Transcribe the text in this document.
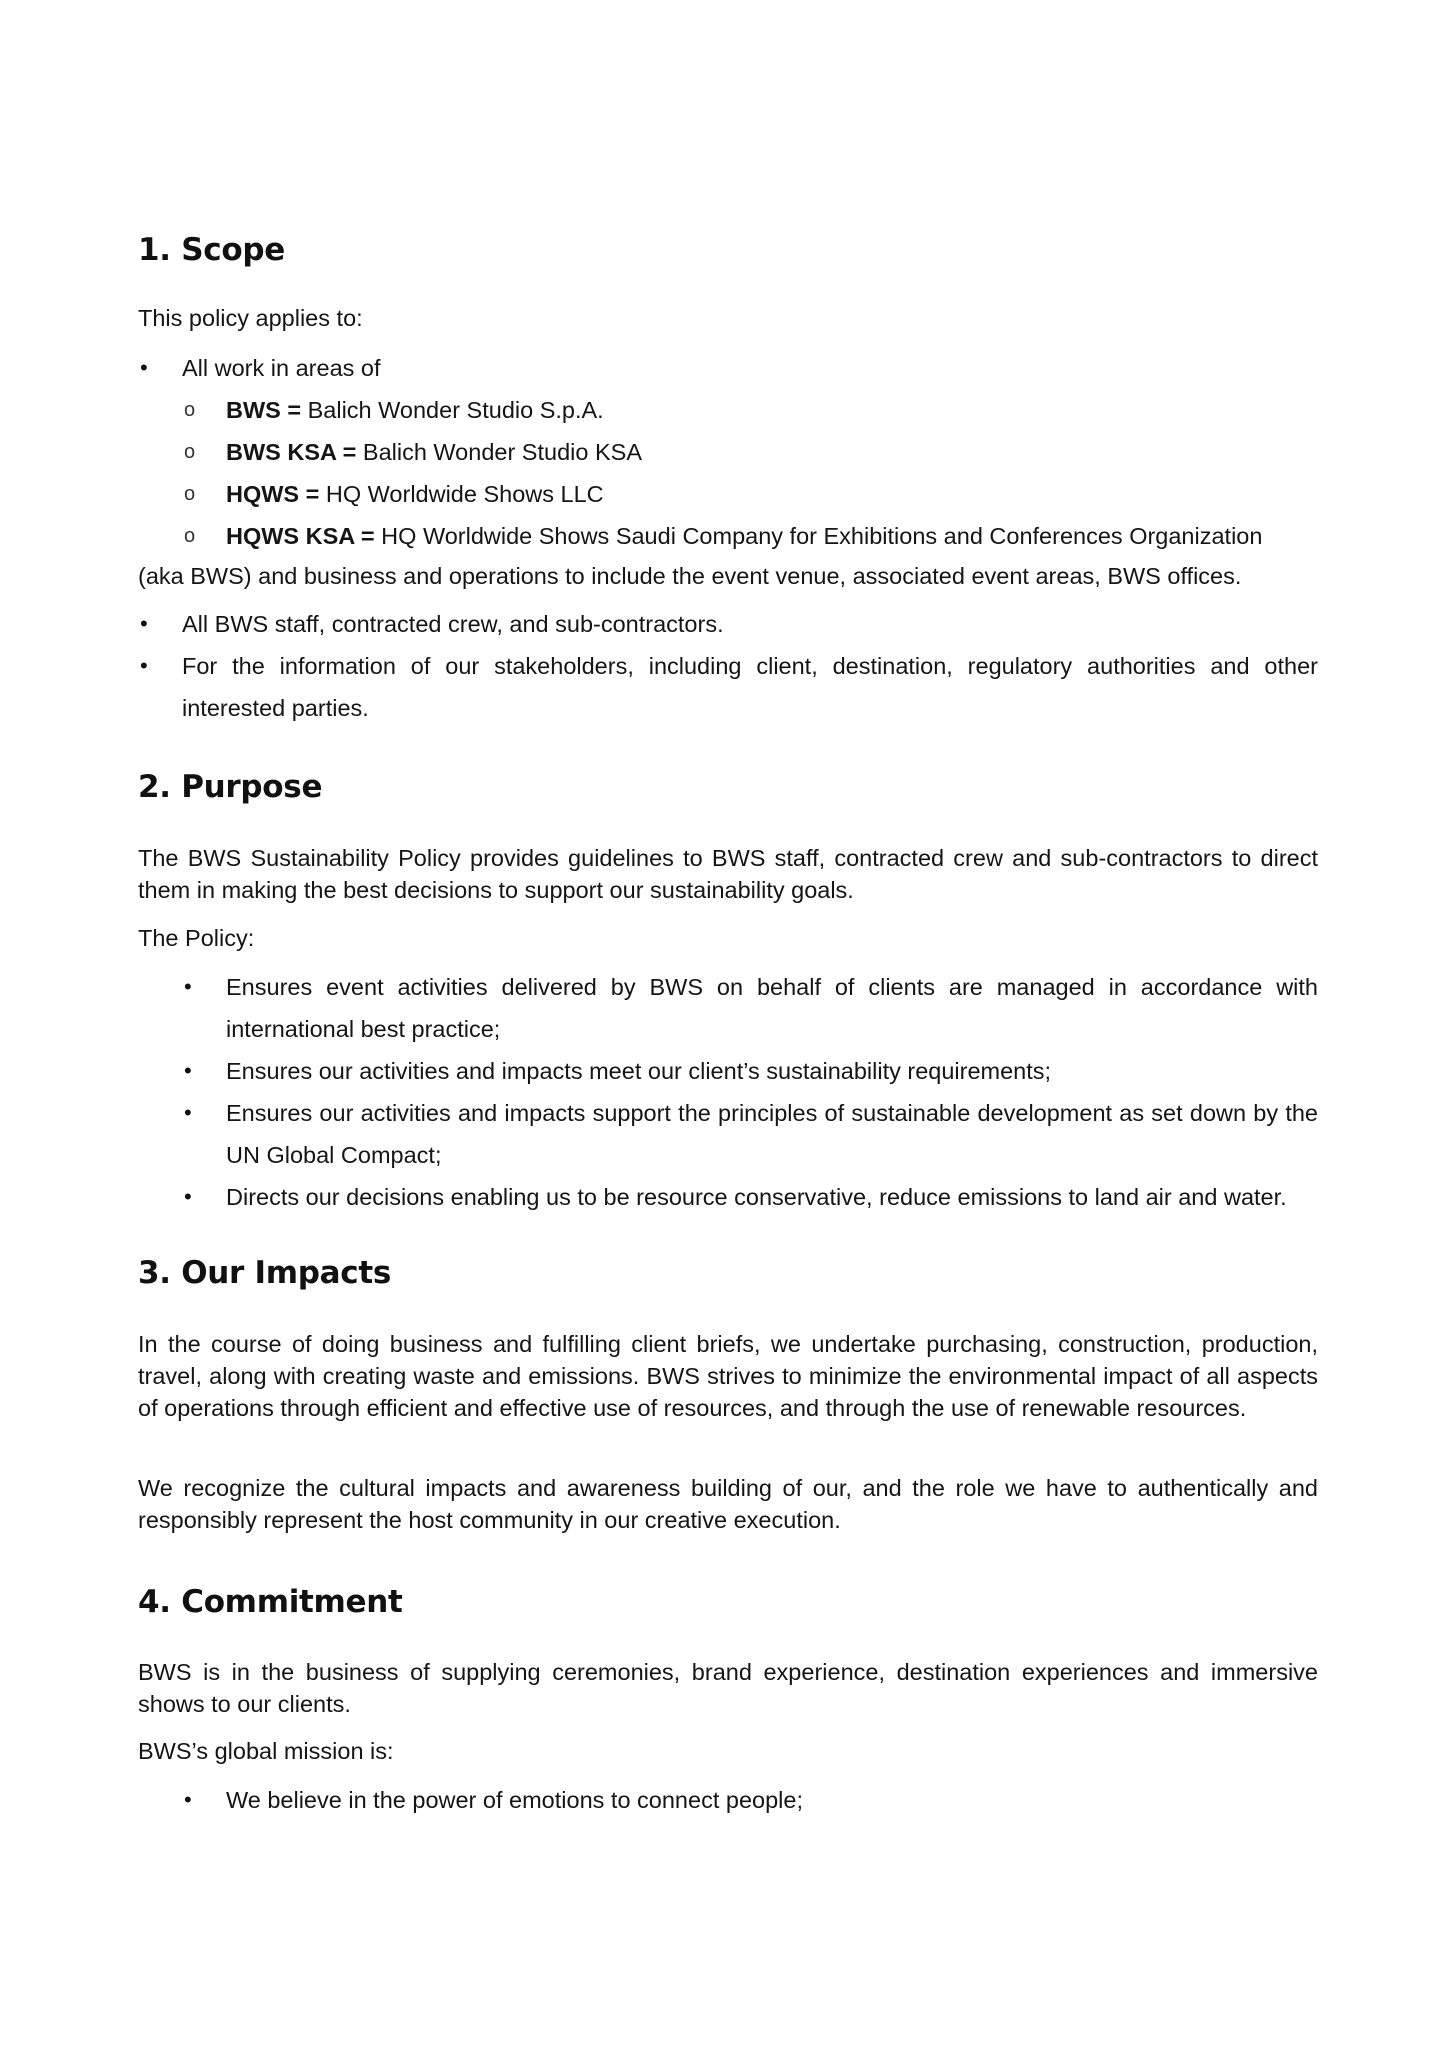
1. Scope

This policy applies to:

• All work in areas of

o BWS = Balich Wonder Studio S.p.A.

o BWS KSA = Balich Wonder Studio KSA

o HQWS = HQ Worldwide Shows LLC

o HQWS KSA = HQ Worldwide Shows Saudi Company for Exhibitions and Conferences Organization

(aka BWS) and business and operations to include the event venue, associated event areas, BWS offices.

• All BWS staff, contracted crew, and sub-contractors.

• For the information of our stakeholders, including client, destination, regulatory authorities and other

interested parties.

2. Purpose

The BWS Sustainability Policy provides guidelines to BWS staff, contracted crew and sub-contractors to direct them in making the best decisions to support our sustainability goals.

The Policy:

• Ensures event activities delivered by BWS on behalf of clients are managed in accordance with international best practice;

• Ensures our activities and impacts meet our client’s sustainability requirements;

• Ensures our activities and impacts support the principles of sustainable development as set down by the UN Global Compact;

• Directs our decisions enabling us to be resource conservative, reduce emissions to land air and water.

3. Our Impacts

In the course of doing business and fulfilling client briefs, we undertake purchasing, construction, production, travel, along with creating waste and emissions. BWS strives to minimize the environmental impact of all aspects of operations through efficient and effective use of resources, and through the use of renewable resources.

We recognize the cultural impacts and awareness building of our, and the role we have to authentically and responsibly represent the host community in our creative execution.

4. Commitment

BWS is in the business of supplying ceremonies, brand experience, destination experiences and immersive shows to our clients.

BWS’s global mission is:

• We believe in the power of emotions to connect people;
